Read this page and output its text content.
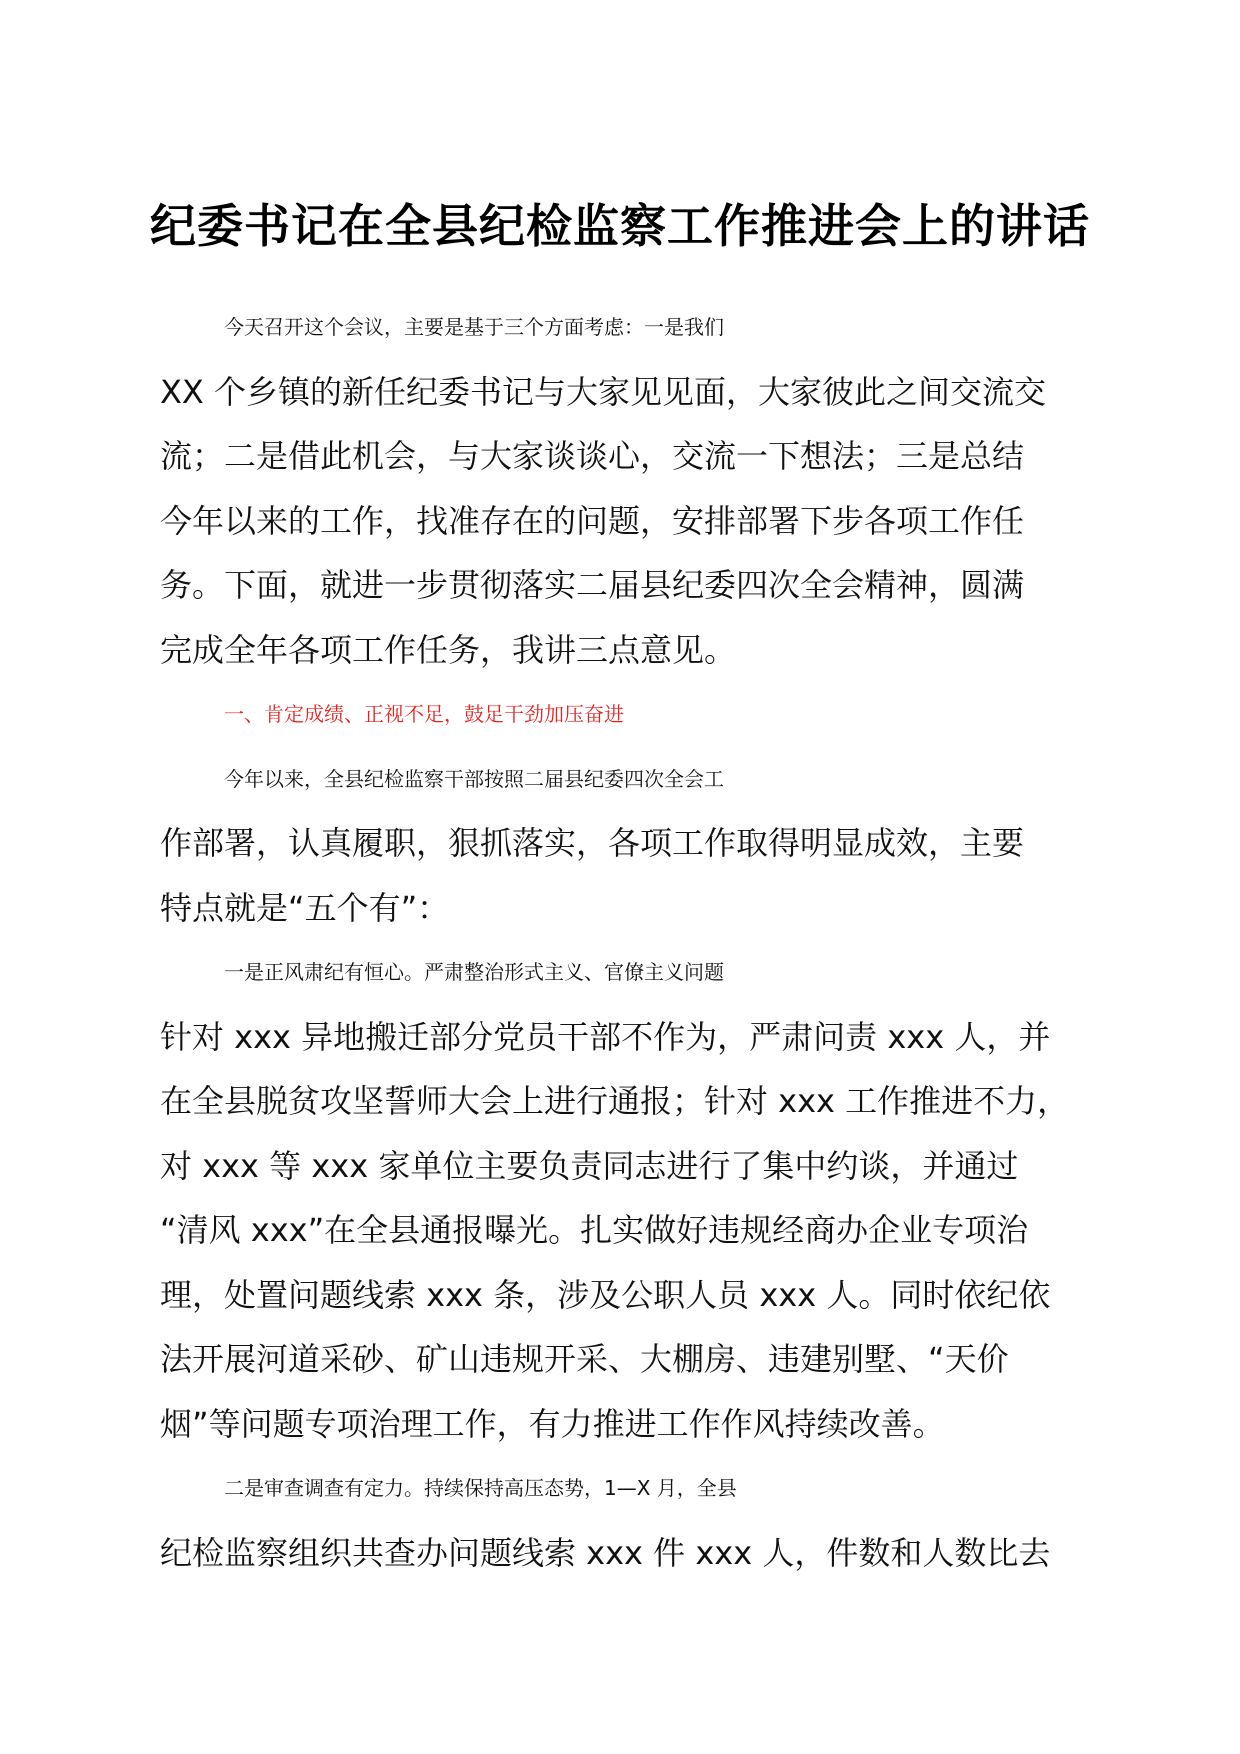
纪委书记在全县纪检监察工作推进会上的讲话

今天召开这个会议，主要是基于三个方面考虑：一是我们
XX 个乡镇的新任纪委书记与大家见见面，大家彼此之间交流交
流；二是借此机会，与大家谈谈心，交流一下想法；三是总结
今年以来的工作，找准存在的问题，安排部署下步各项工作任
务。下面，就进一步贯彻落实二届县纪委四次全会精神，圆满
完成全年各项工作任务，我讲三点意见。

一、肯定成绩、正视不足，鼓足干劲加压奋进

今年以来，全县纪检监察干部按照二届县纪委四次全会工
作部署，认真履职，狠抓落实，各项工作取得明显成效，主要
特点就是“五个有”：

一是正风肃纪有恒心。严肃整治形式主义、官僚主义问题
针对 xxx 异地搬迁部分党员干部不作为，严肃问责 xxx 人，并
在全县脱贫攻坚誓师大会上进行通报；针对 xxx 工作推进不力，
对 xxx 等 xxx 家单位主要负责同志进行了集中约谈，并通过
“清风 xxx”在全县通报曝光。扎实做好违规经商办企业专项治
理，处置问题线索 xxx 条，涉及公职人员 xxx 人。同时依纪依
法开展河道采砂、矿山违规开采、大棚房、违建别墅、“天价
烟”等问题专项治理工作，有力推进工作作风持续改善。

二是审查调查有定力。持续保持高压态势，1—X 月，全县
纪检监察组织共查办问题线索 xxx 件 xxx 人，件数和人数比去
